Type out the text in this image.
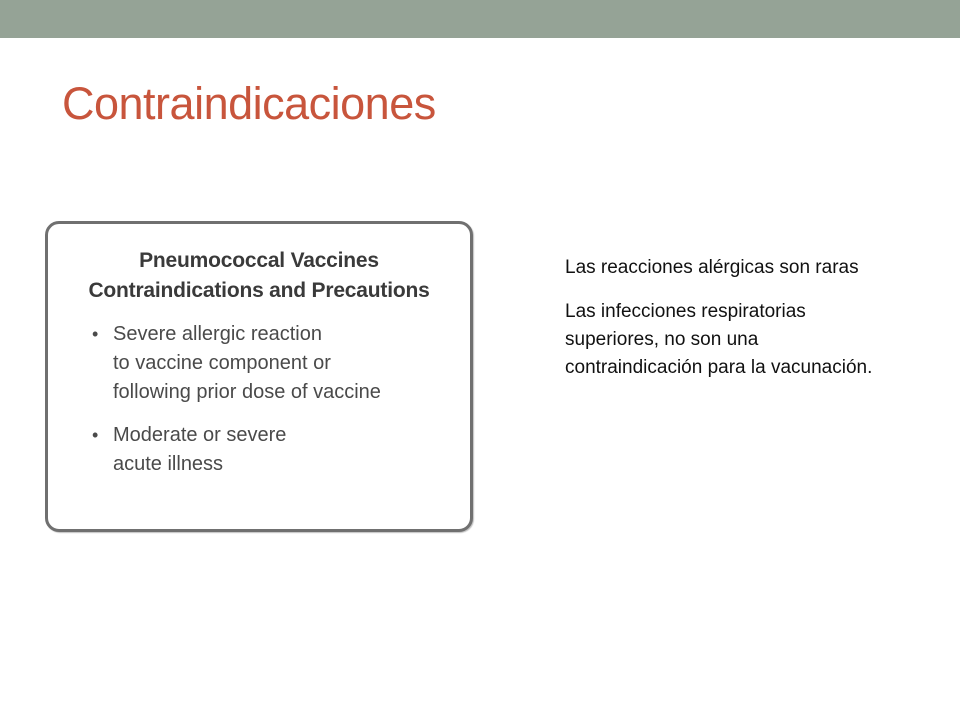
Contraindicaciones
Pneumococcal Vaccines
Contraindications and Precautions
• Severe allergic reaction
to vaccine component or
following prior dose of vaccine
• Moderate or severe
acute illness

Las reacciones alérgicas son raras

Las infecciones respiratorias superiores, no son una contraindicación para la vacunación.
